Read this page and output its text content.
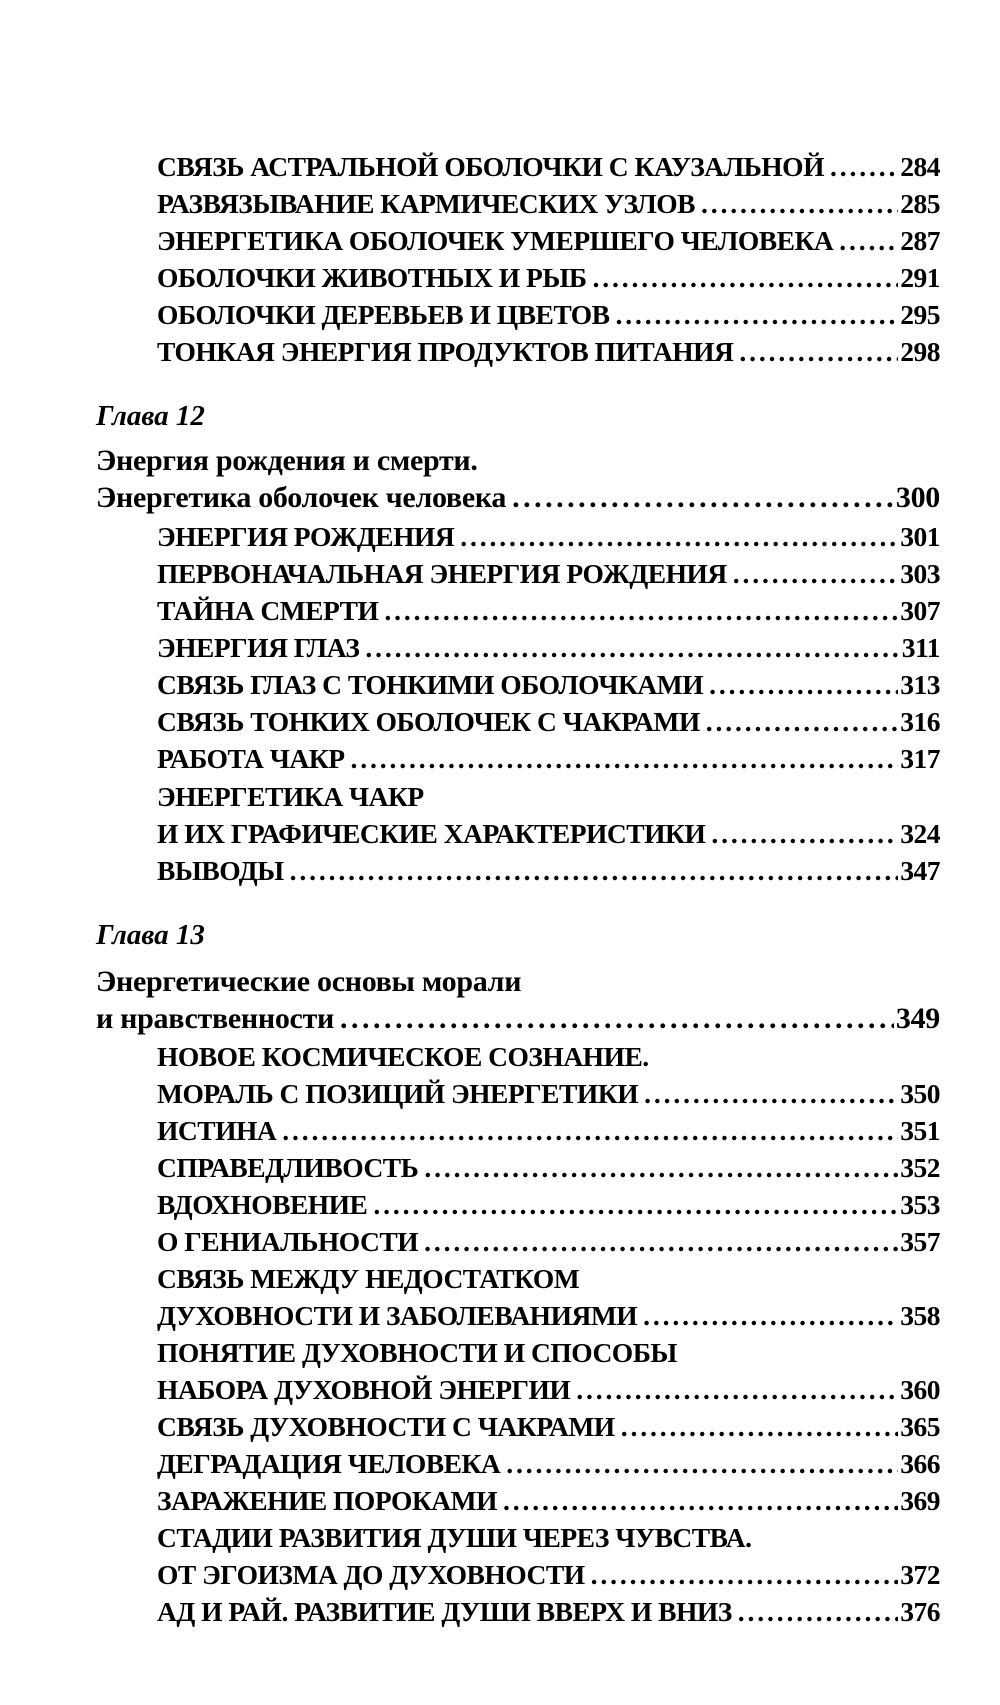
СВЯЗЬ АСТРАЛЬНОЙ ОБОЛОЧКИ С КАУЗАЛЬНОЙ . . .	284
РАЗВЯЗЫВАНИЕ КАРМИЧЕСКИХ УЗЛОВ . . .	285
ЭНЕРГЕТИКА ОБОЛОЧЕК УМЕРШЕГО ЧЕЛОВЕКА . . . 287
ОБОЛОЧКИ ЖИВОТНЫХ И РЫБ . . .	291
ОБОЛОЧКИ ДЕРЕВЬЕВ И ЦВЕТОВ . . .	295
ТОНКАЯ ЭНЕРГИЯ ПРОДУКТОВ ПИТАНИЯ . . .	298
Глава 12
Энергия рождения и смерти.
Энергетика оболочек человека . . .	300
ЭНЕРГИЯ РОЖДЕНИЯ . . .	301
ПЕРВОНАЧАЛЬНАЯ ЭНЕРГИЯ РОЖДЕНИЯ . . .	303
ТАЙНА СМЕРТИ . . .	307
ЭНЕРГИЯ ГЛАЗ . . .	311
СВЯЗЬ ГЛАЗ С ТОНКИМИ ОБОЛОЧКАМИ . . .	313
СВЯЗЬ ТОНКИХ ОБОЛОЧЕК С ЧАКРАМИ . . .	316
РАБОТА ЧАКР . . .	317
ЭНЕРГЕТИКА ЧАКР
И ИХ ГРАФИЧЕСКИЕ ХАРАКТЕРИСТИКИ . . .	324
ВЫВОДЫ . . .	347
Глава 13
Энергетические основы морали
и нравственности . . .	349
НОВОЕ КОСМИЧЕСКОЕ СОЗНАНИЕ.
МОРАЛЬ С ПОЗИЦИЙ ЭНЕРГЕТИКИ . . .	350
ИСТИНА . . .	351
СПРАВЕДЛИВОСТЬ . . .	352
ВДОХНОВЕНИЕ . . .	353
О ГЕНИАЛЬНОСТИ . . .	357
СВЯЗЬ МЕЖДУ НЕДОСТАТКОМ
ДУХОВНОСТИ И ЗАБОЛЕВАНИЯМИ . . .	358
ПОНЯТИЕ ДУХОВНОСТИ И СПОСОБЫ
НАБОРА ДУХОВНОЙ ЭНЕРГИИ . . .	360
СВЯЗЬ ДУХОВНОСТИ С ЧАКРАМИ . . .	365
ДЕГРАДАЦИЯ ЧЕЛОВЕКА . . .	366
ЗАРАЖЕНИЕ ПОРОКАМИ . . .	369
СТАДИИ РАЗВИТИЯ ДУШИ ЧЕРЕЗ ЧУВСТВА.
ОТ ЭГОИЗМА ДО ДУХОВНОСТИ . . .	372
АД И РАЙ. РАЗВИТИЕ ДУШИ ВВЕРХ И ВНИЗ . . .	376
